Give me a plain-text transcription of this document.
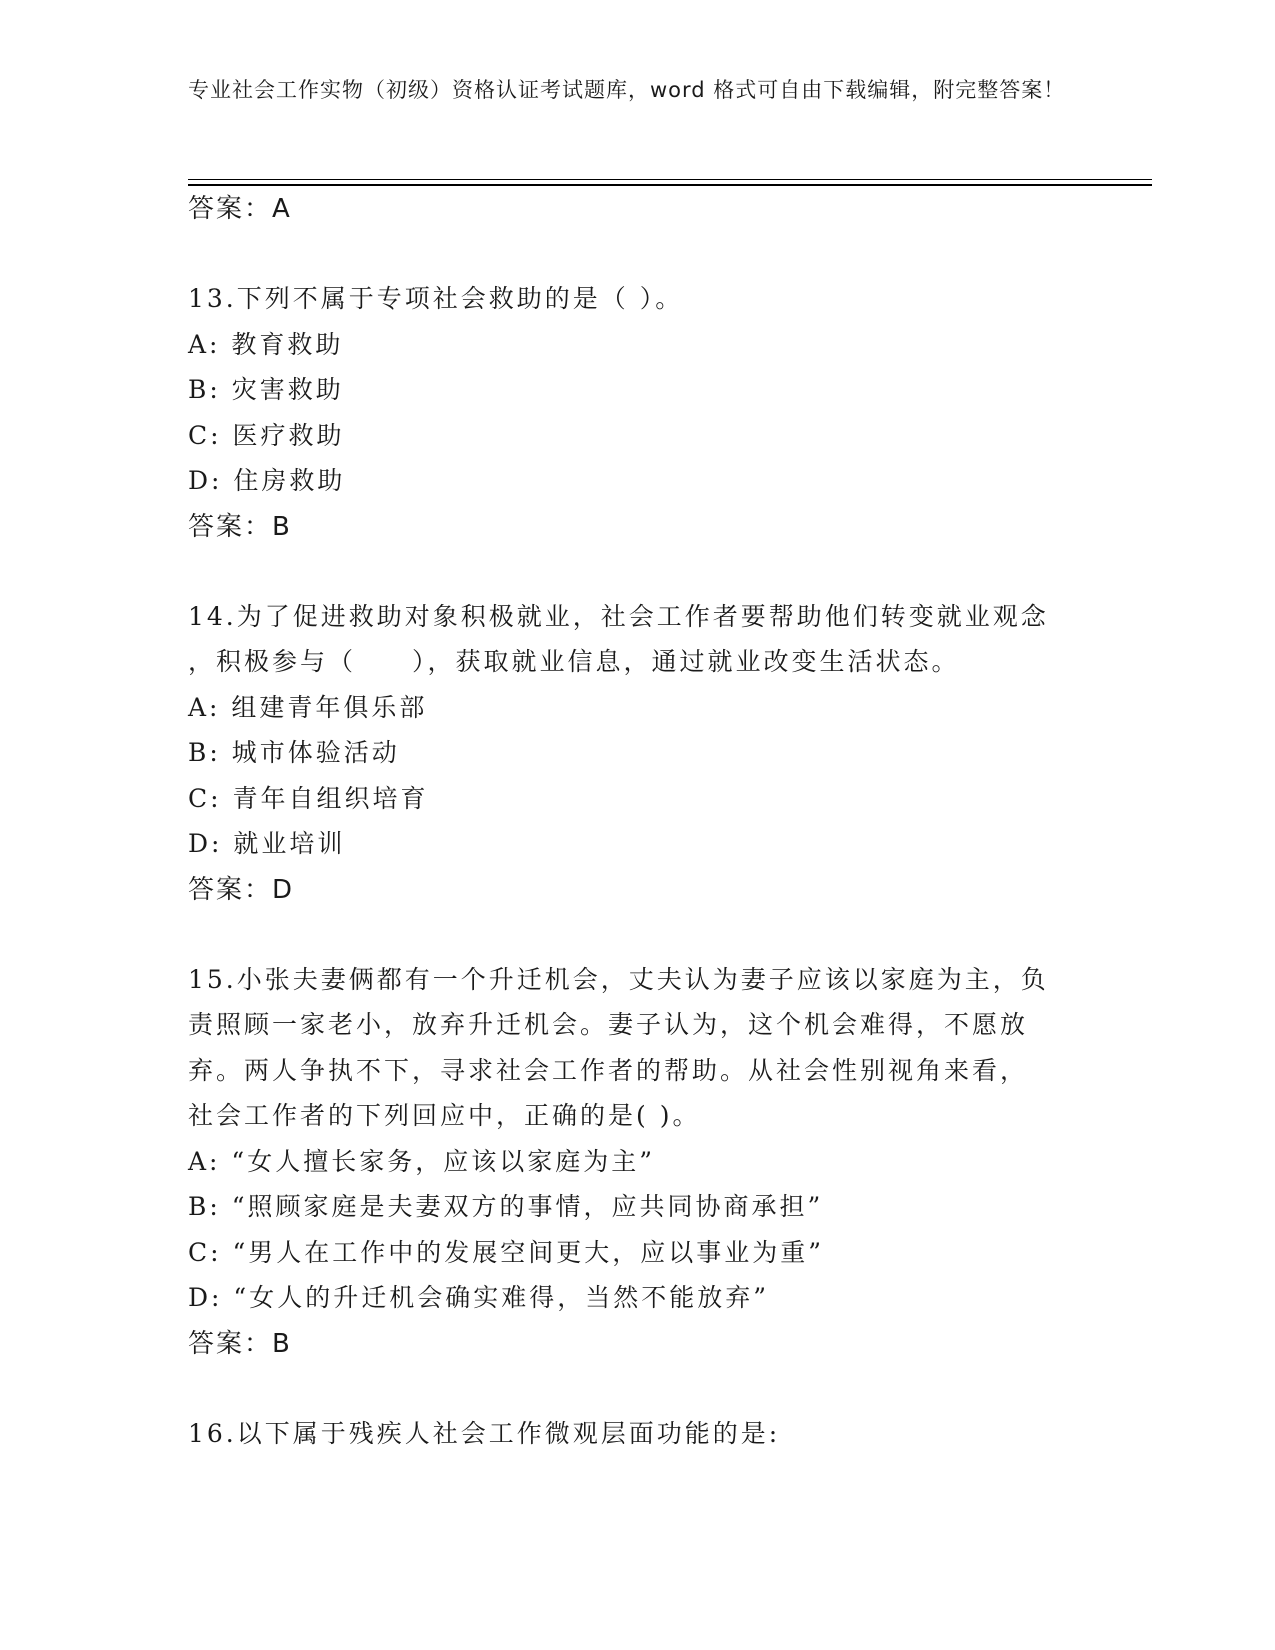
专业社会工作实物（初级）资格认证考试题库，word 格式可自由下载编辑，附完整答案！
答案：A
13.下列不属于专项社会救助的是（ ）。
A: 教育救助
B: 灾害救助
C: 医疗救助
D: 住房救助
答案：B
14.为了促进救助对象积极就业，社会工作者要帮助他们转变就业观念
，积极参与（　　），获取就业信息，通过就业改变生活状态。
A: 组建青年俱乐部
B: 城市体验活动
C: 青年自组织培育
D: 就业培训
答案：D
15.小张夫妻俩都有一个升迁机会，丈夫认为妻子应该以家庭为主，负
责照顾一家老小，放弃升迁机会。妻子认为，这个机会难得，不愿放
弃。两人争执不下，寻求社会工作者的帮助。从社会性别视角来看，
社会工作者的下列回应中，正确的是( )。
A: “女人擅长家务，应该以家庭为主”
B: “照顾家庭是夫妻双方的事情，应共同协商承担”
C: “男人在工作中的发展空间更大，应以事业为重”
D: “女人的升迁机会确实难得，当然不能放弃”
答案：B
16.以下属于残疾人社会工作微观层面功能的是:
